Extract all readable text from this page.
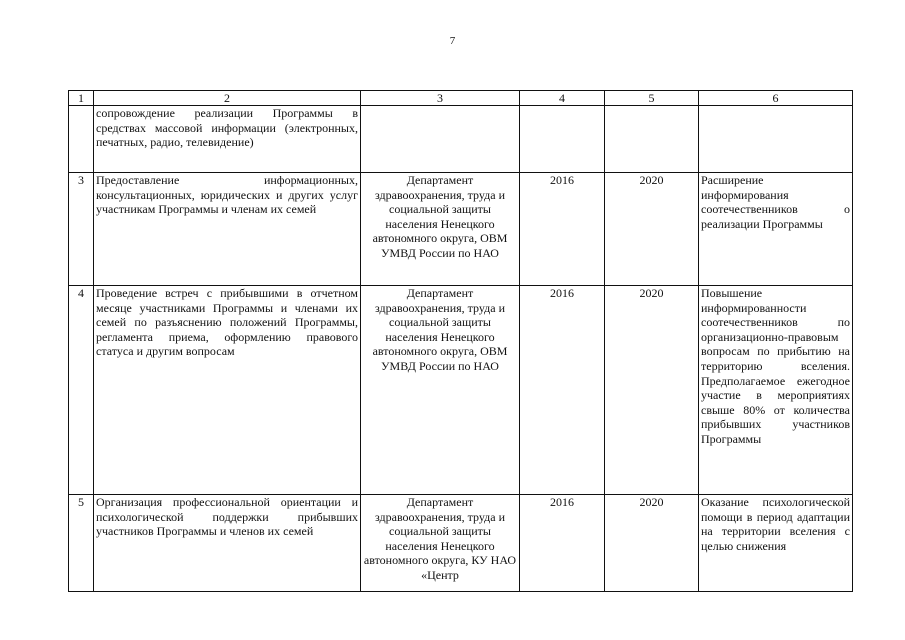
7
1	2	3	4	5	6
	сопровождение реализации Программы в средствах массовой информации (электронных, печатных, радио, телевидение)				
3	Предоставление информационных, консультационных, юридических и других услуг участникам Программы и членам их семей	Департамент здравоохранения, труда и социальной защиты населения Ненецкого автономного округа, ОВМ УМВД России по НАО	2016	2020	Расширение информирования соотечественников о реализации Программы
4	Проведение встреч с прибывшими в отчетном месяце участниками Программы и членами их семей по разъяснению положений Программы, регламента приема, оформлению правового статуса и другим вопросам	Департамент здравоохранения, труда и социальной защиты населения Ненецкого автономного округа, ОВМ УМВД России по НАО	2016	2020	Повышение информированности соотечественников по организационно-правовым вопросам по прибытию на территорию вселения. Предполагаемое ежегодное участие в мероприятиях свыше 80% от количества прибывших участников Программы
5	Организация профессиональной ориентации и психологической поддержки прибывших участников Программы и членов их семей	Департамент здравоохранения, труда и социальной защиты населения Ненецкого автономного округа, КУ НАО «Центр	2016	2020	Оказание психологической помощи в период адаптации на территории вселения с целью снижения
